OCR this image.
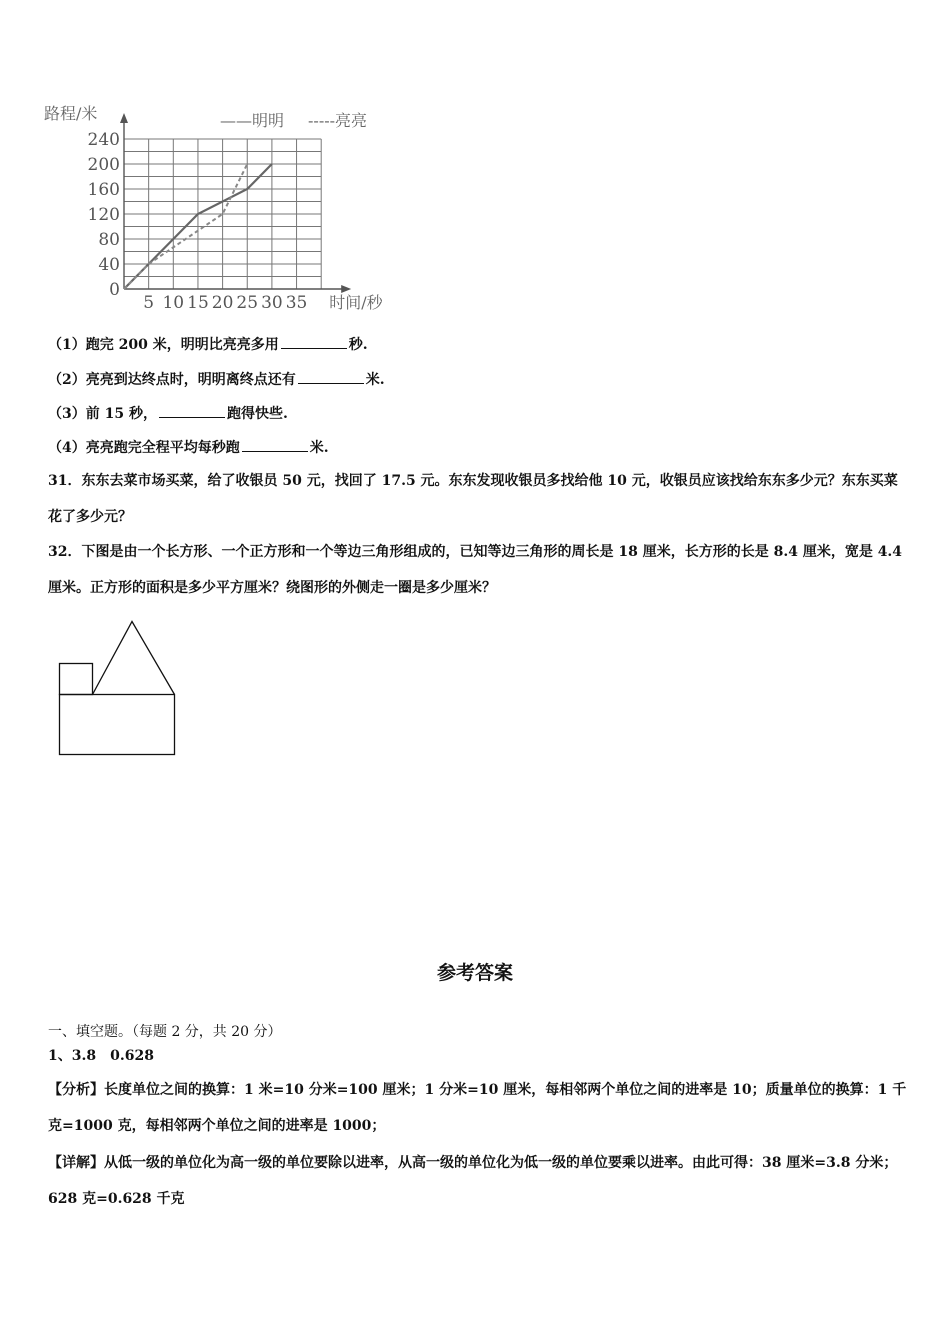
0
40
80
120
160
200
240
5 10 15 20 25 30 35
路程/米
时间/秒
——明明 -----亮亮
（1）跑完 200 米，明明比亮亮多用	秒.
（2）亮亮到达终点时，明明离终点还有	米.
（3）前 15 秒，	跑得快些.
（4）亮亮跑完全程平均每秒跑	米.
31．东东去菜市场买菜，给了收银员 50 元，找回了 17.5 元。东东发现收银员多找给他 10 元，收银员应该找给东东多少元？东东买菜花了多少元？
32．下图是由一个长方形、一个正方形和一个等边三角形组成的，已知等边三角形的周长是 18 厘米，长方形的长是 8.4 厘米，宽是 4.4 厘米。正方形的面积是多少平方厘米？绕图形的外侧走一圈是多少厘米？
参考答案
一、填空题。（每题 2 分，共 20 分）
1、3.8　0.628
【分析】长度单位之间的换算：1 米=10 分米=100 厘米；1 分米=10 厘米，每相邻两个单位之间的进率是 10；质量单位的换算：1 千克=1000 克，每相邻两个单位之间的进率是 1000；
【详解】从低一级的单位化为高一级的单位要除以进率，从高一级的单位化为低一级的单位要乘以进率。由此可得：38 厘米=3.8 分米；628 克=0.628 千克
